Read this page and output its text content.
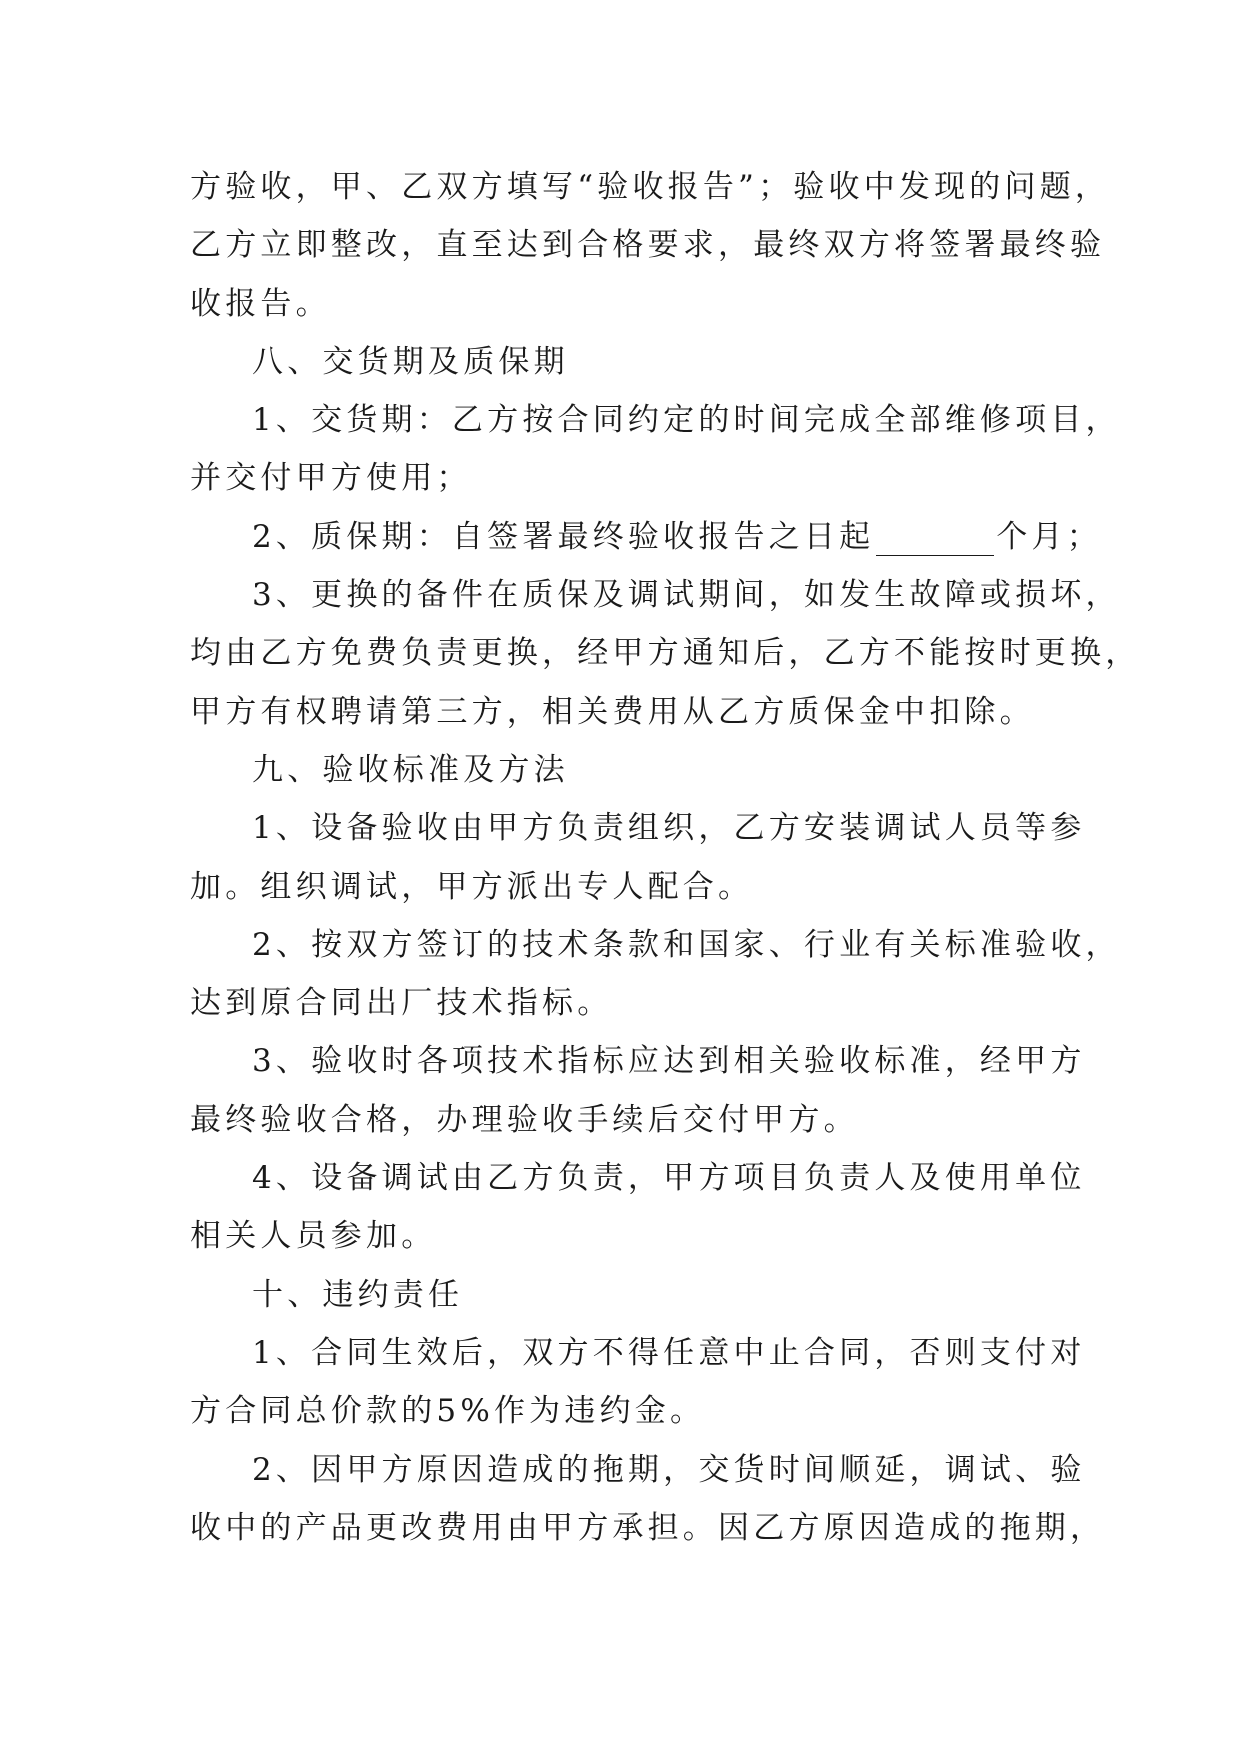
方验收，甲、乙双方填写“验收报告”；验收中发现的问题，
乙方立即整改，直至达到合格要求，最终双方将签署最终验
收报告。
八、交货期及质保期
1、交货期：乙方按合同约定的时间完成全部维修项目，
并交付甲方使用；
2、质保期：自签署最终验收报告之日起	个月；
3、更换的备件在质保及调试期间，如发生故障或损坏，
均由乙方免费负责更换，经甲方通知后，乙方不能按时更换，
甲方有权聘请第三方，相关费用从乙方质保金中扣除。
九、验收标准及方法
1、设备验收由甲方负责组织，乙方安装调试人员等参
加。组织调试，甲方派出专人配合。
2、按双方签订的技术条款和国家、行业有关标准验收，
达到原合同出厂技术指标。
3、验收时各项技术指标应达到相关验收标准，经甲方
最终验收合格，办理验收手续后交付甲方。
4、设备调试由乙方负责，甲方项目负责人及使用单位
相关人员参加。
十、违约责任
1、合同生效后，双方不得任意中止合同，否则支付对
方合同总价款的5%作为违约金。
2、因甲方原因造成的拖期，交货时间顺延，调试、验
收中的产品更改费用由甲方承担。因乙方原因造成的拖期，
